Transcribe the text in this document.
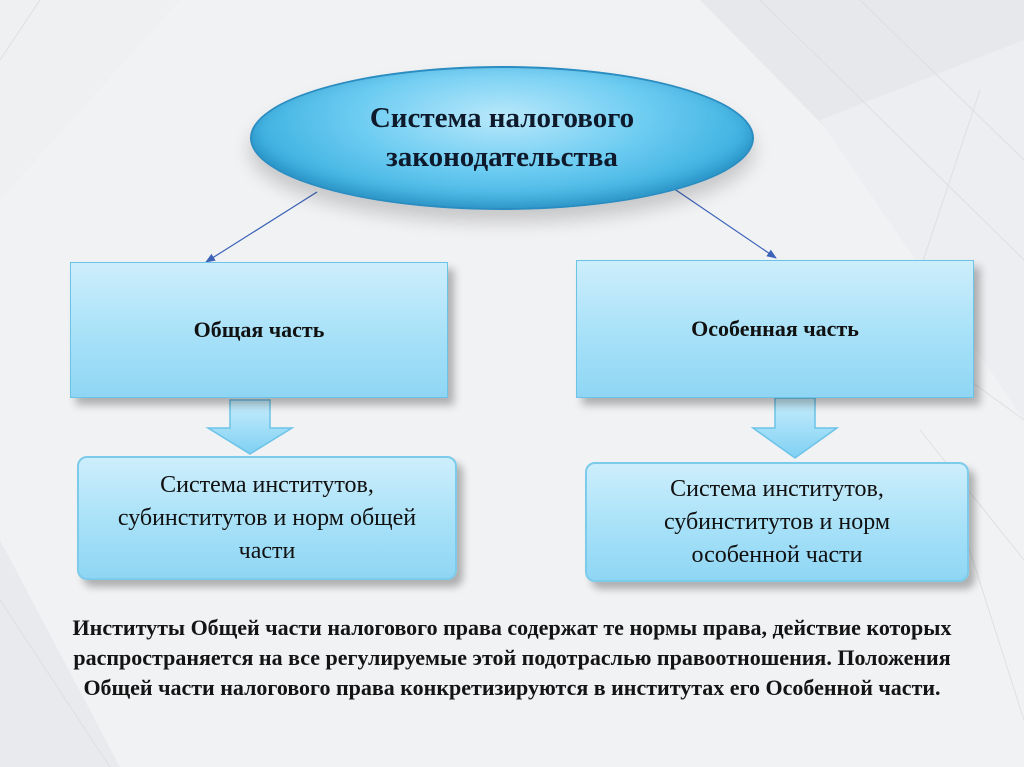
Система налогового законодательства
Общая часть	Особенная часть
Система институтов, субинститутов и норм общей части
Система институтов, субинститутов и норм особенной части
Институты Общей части налогового права содержат те нормы права, действие которых распространяется на все регулируемые этой подотраслью правоотношения. Положения Общей части налогового права конкретизируются в институтах его Особенной части.
